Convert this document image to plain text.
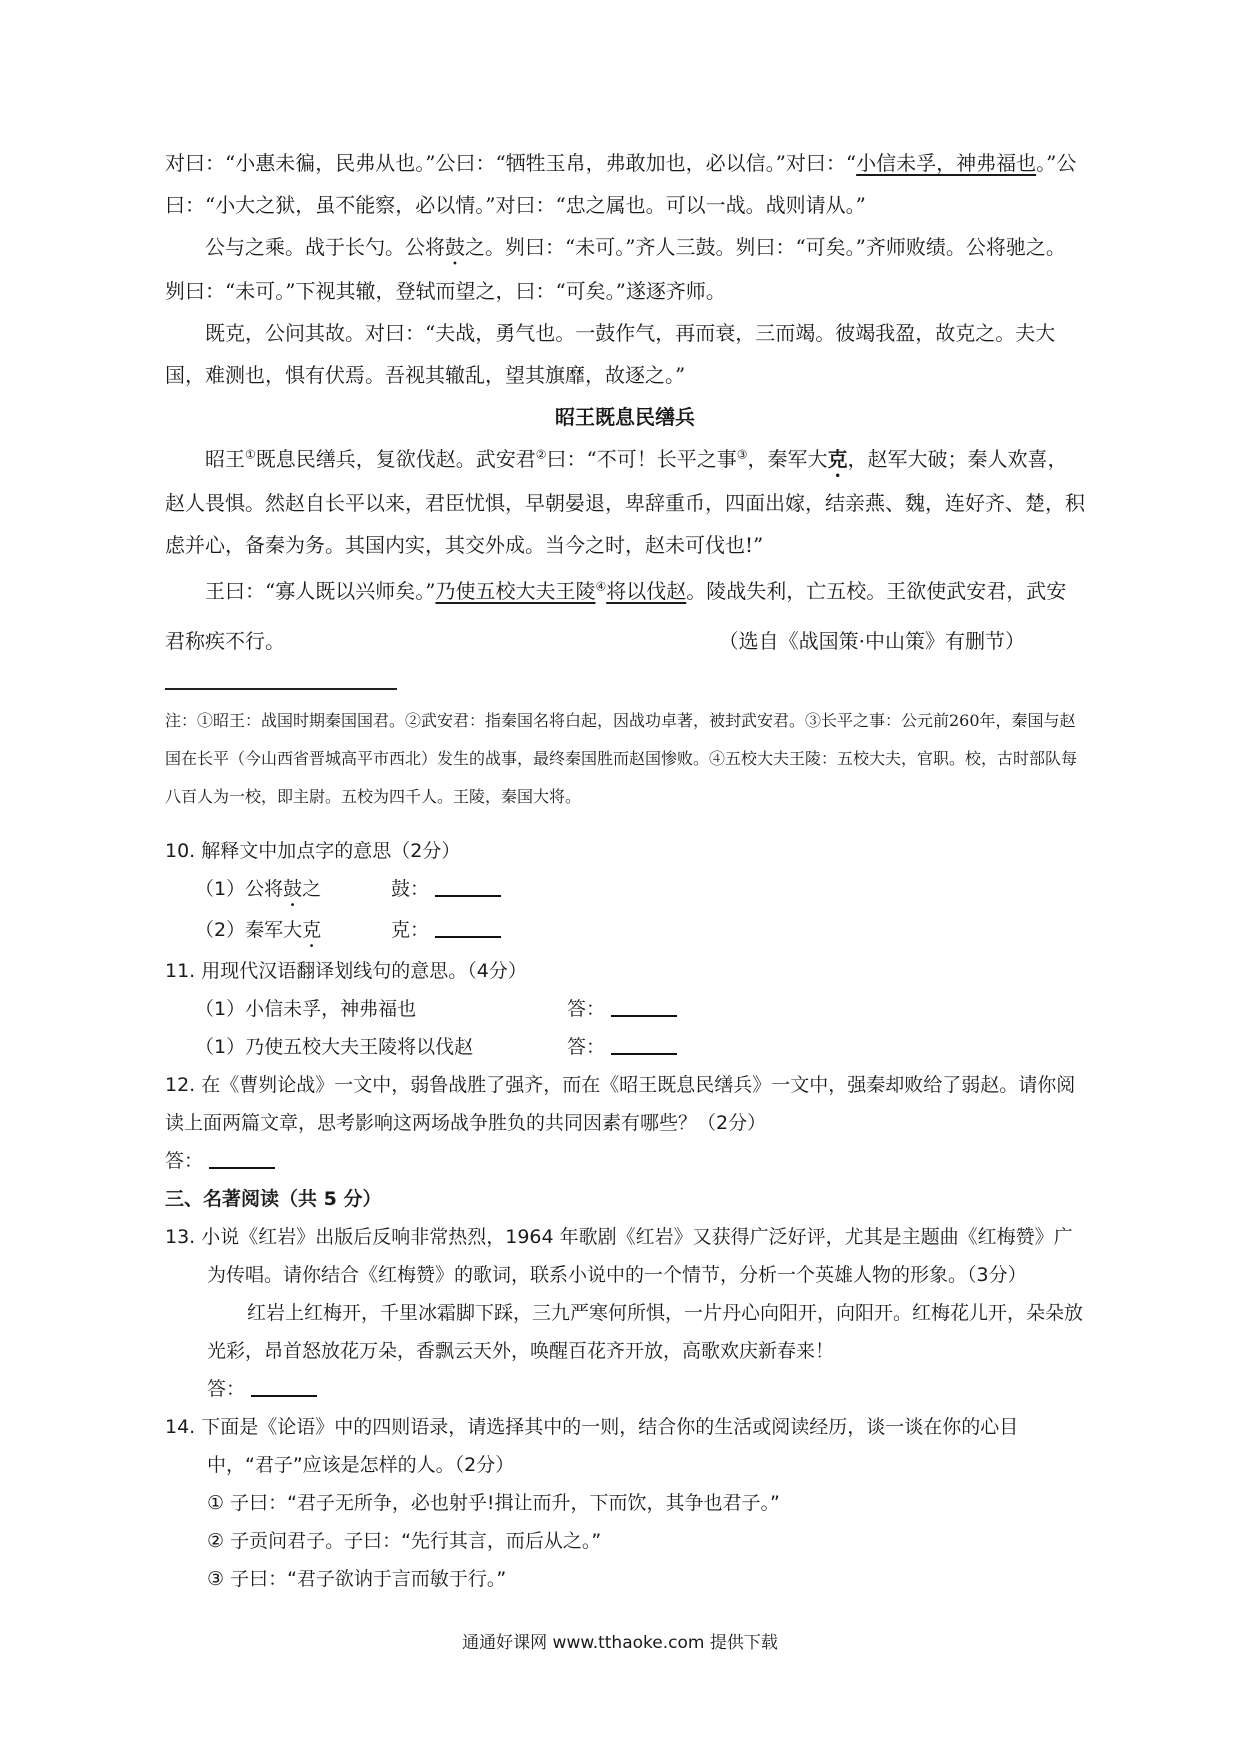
对曰：“小惠未徧，民弗从也。”公曰：“牺牲玉帛，弗敢加也，必以信。”对曰：“小信未孚，神弗福也。”公曰：“小大之狱，虽不能察，必以情。”对曰：“忠之属也。可以一战。战则请从。”

公与之乘。战于长勺。公将鼓之。刿曰：“未可。”齐人三鼓。刿曰：“可矣。”齐师败绩。公将驰之。刿曰：“未可。”下视其辙，登轼而望之，曰：“可矣。”遂逐齐师。

既克，公问其故。对曰：“夫战，勇气也。一鼓作气，再而衰，三而竭。彼竭我盈，故克之。夫大国，难测也，惧有伏焉。吾视其辙乱，望其旗靡，故逐之。”

昭王既息民缮兵

昭王①既息民缮兵，复欲伐赵。武安君②曰：“不可！长平之事③，秦军大克，赵军大破；秦人欢喜，赵人畏惧。然赵自长平以来，君臣忧惧，早朝晏退，卑辞重币，四面出嫁，结亲燕、魏，连好齐、楚，积虑并心，备秦为务。其国内实，其交外成。当今之时，赵未可伐也!”

王曰：“寡人既以兴师矣。”乃使五校大夫王陵④将以伐赵。陵战失利，亡五校。王欲使武安君，武安君称疾不行。	（选自《战国策·中山策》有删节）

注：①昭王：战国时期秦国国君。②武安君：指秦国名将白起，因战功卓著，被封武安君。③长平之事：公元前260年，秦国与赵国在长平（今山西省晋城高平市西北）发生的战事，最终秦国胜而赵国惨败。④五校大夫王陵：五校大夫，官职。校，古时部队每八百人为一校，即主尉。五校为四千人。王陵，秦国大将。
10. 解释文中加点字的意思（2分）
（1）公将鼓之	鼓：
（2）秦军大克	克：
11. 用现代汉语翻译划线句的意思。（4分）
（1）小信未孚，神弗福也	答：
（1）乃使五校大夫王陵将以伐赵	答：
12. 在《曹刿论战》一文中，弱鲁战胜了强齐，而在《昭王既息民缮兵》一文中，强秦却败给了弱赵。请你阅读上面两篇文章，思考影响这两场战争胜负的共同因素有哪些？（2分）
答：
三、名著阅读（共 5 分）
13. 小说《红岩》出版后反响非常热烈，1964 年歌剧《红岩》又获得广泛好评，尤其是主题曲《红梅赞》广为传唱。请你结合《红梅赞》的歌词，联系小说中的一个情节，分析一个英雄人物的形象。（3分）
红岩上红梅开，千里冰霜脚下踩，三九严寒何所惧，一片丹心向阳开，向阳开。红梅花儿开，朵朵放光彩，昂首怒放花万朵，香飘云天外，唤醒百花齐开放，高歌欢庆新春来！
答：
14. 下面是《论语》中的四则语录，请选择其中的一则，结合你的生活或阅读经历，谈一谈在你的心目中，“君子”应该是怎样的人。（2分）
① 子曰：“君子无所争，必也射乎!揖让而升，下而饮，其争也君子。”
② 子贡问君子。子曰：“先行其言，而后从之。”
③ 子曰：“君子欲讷于言而敏于行。”
通通好课网 www.tthaoke.com 提供下载
